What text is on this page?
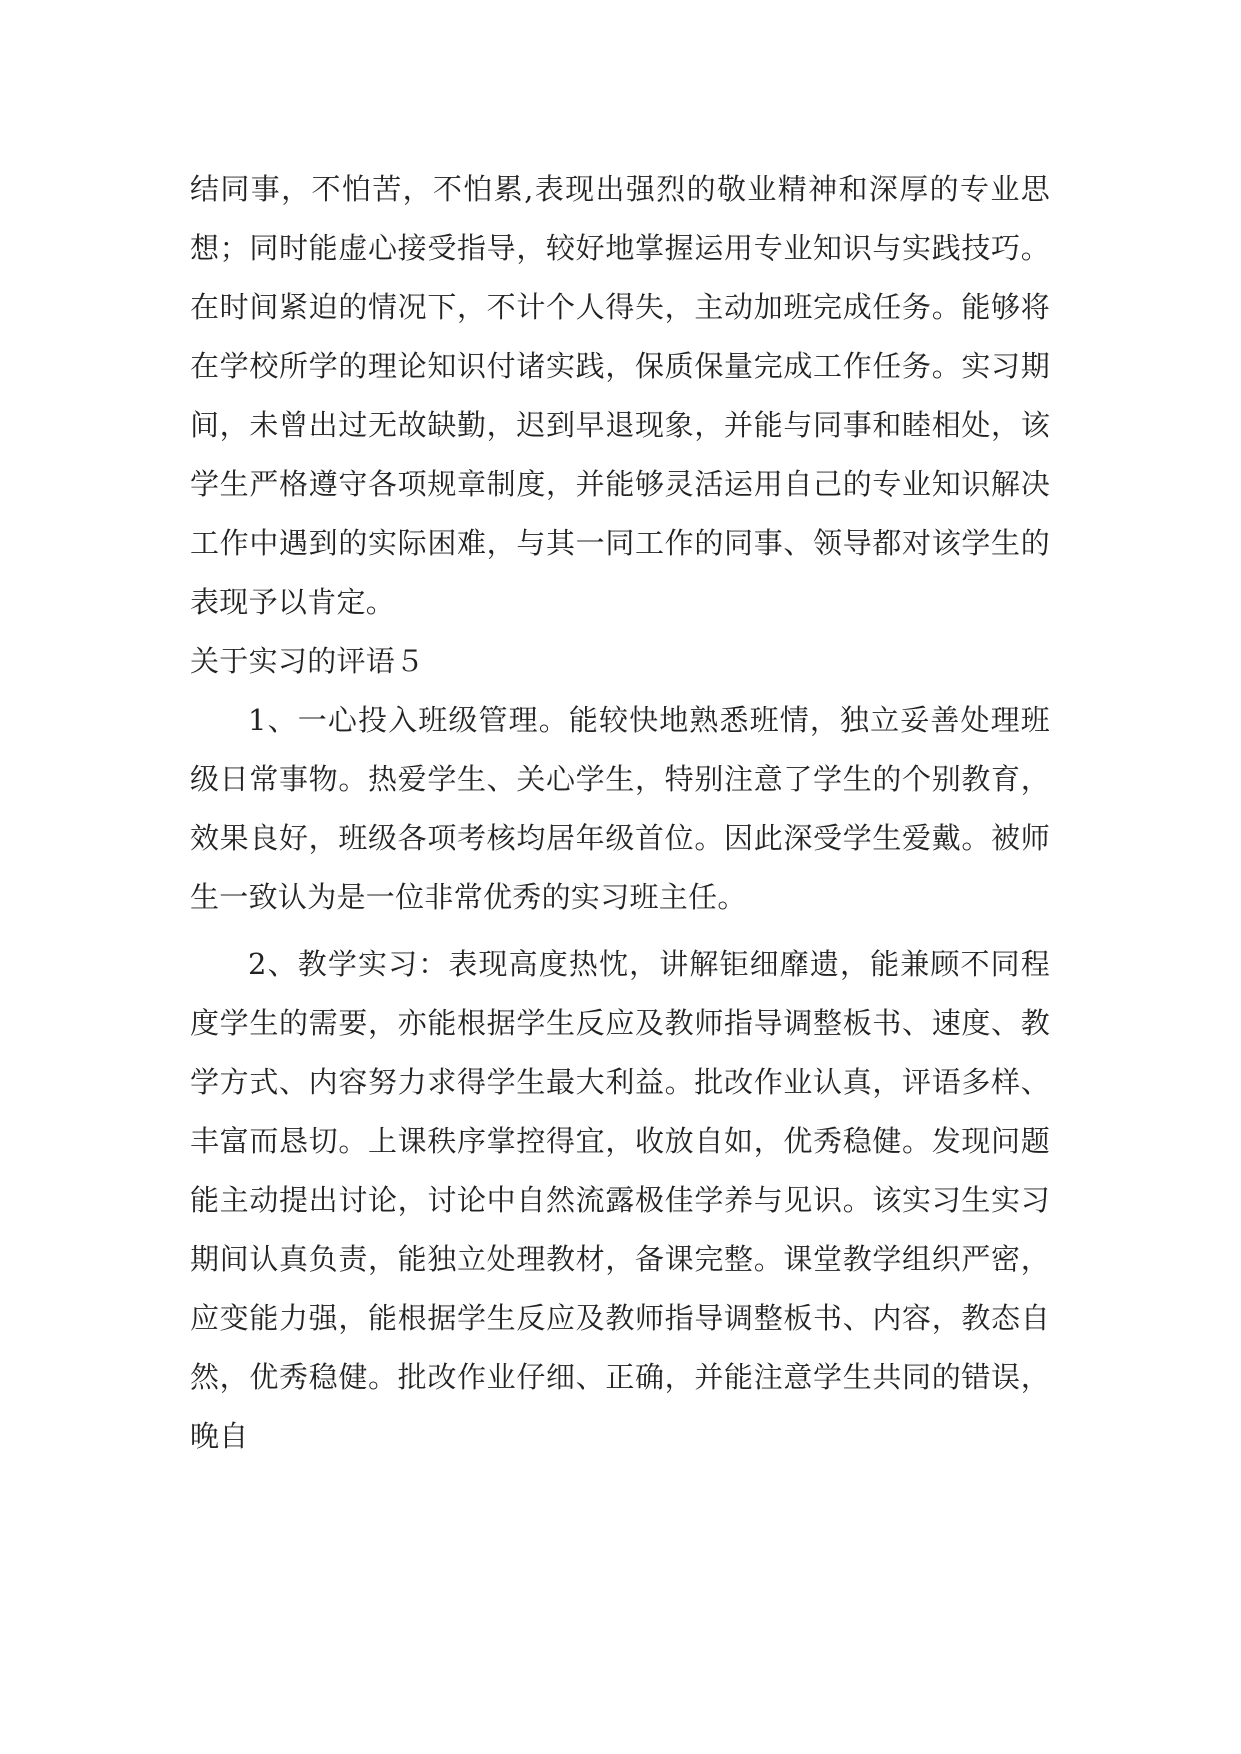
结同事，不怕苦，不怕累,表现出强烈的敬业精神和深厚的专业思想；同时能虚心接受指导，较好地掌握运用专业知识与实践技巧。在时间紧迫的情况下，不计个人得失，主动加班完成任务。能够将在学校所学的理论知识付诸实践，保质保量完成工作任务。实习期间，未曾出过无故缺勤，迟到早退现象，并能与同事和睦相处，该学生严格遵守各项规章制度，并能够灵活运用自己的专业知识解决工作中遇到的实际困难，与其一同工作的同事、领导都对该学生的表现予以肯定。

关于实习的评语５

1、一心投入班级管理。能较快地熟悉班情，独立妥善处理班级日常事物。热爱学生、关心学生，特别注意了学生的个别教育，效果良好，班级各项考核均居年级首位。因此深受学生爱戴。被师生一致认为是一位非常优秀的实习班主任。

2、教学实习：表现高度热忱，讲解钜细靡遗，能兼顾不同程度学生的需要，亦能根据学生反应及教师指导调整板书、速度、教学方式、内容努力求得学生最大利益。批改作业认真，评语多样、丰富而恳切。上课秩序掌控得宜，收放自如，优秀稳健。发现问题能主动提出讨论，讨论中自然流露极佳学养与见识。该实习生实习期间认真负责，能独立处理教材，备课完整。课堂教学组织严密，应变能力强，能根据学生反应及教师指导调整板书、内容，教态自然，优秀稳健。批改作业仔细、正确，并能注意学生共同的错误，晚自
